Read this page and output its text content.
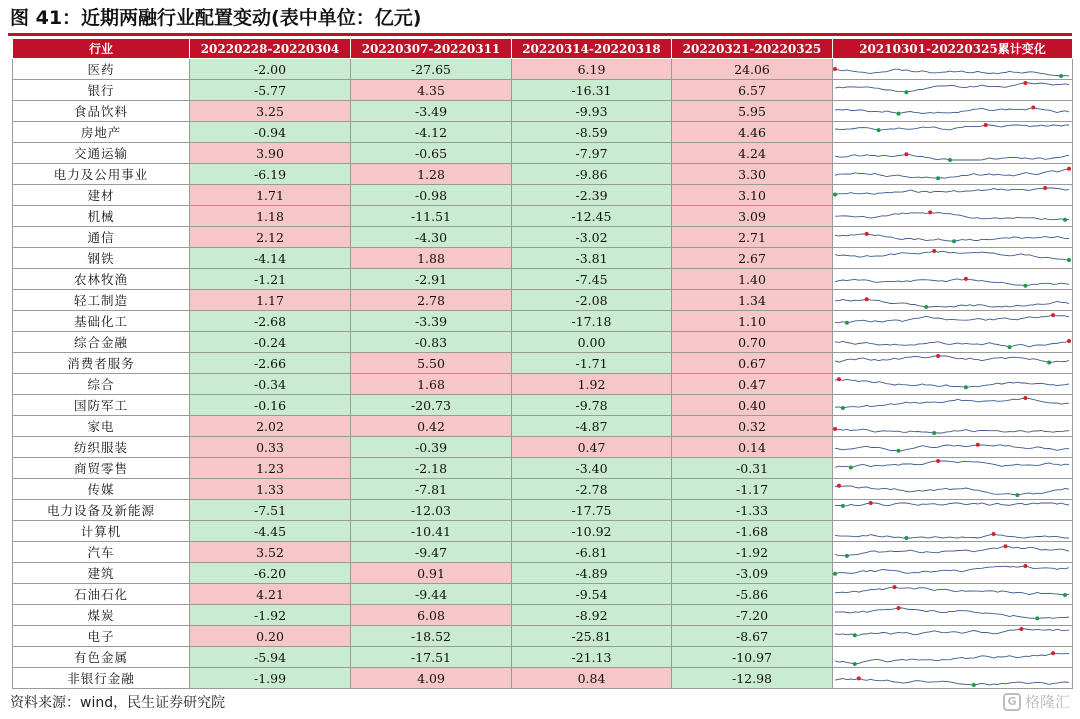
图 41：近期两融行业配置变动(表中单位：亿元)
行业	20220228-20220304	20220307-20220311	20220314-20220318	20220321-20220325	20210301-20220325累计变化
医药	-2.00	-27.65	6.19	24.06	

银行	-5.77	4.35	-16.31	6.57	

食品饮料	3.25	-3.49	-9.93	5.95	

房地产	-0.94	-4.12	-8.59	4.46	

交通运输	3.90	-0.65	-7.97	4.24	

电力及公用事业	-6.19	1.28	-9.86	3.30	

建材	1.71	-0.98	-2.39	3.10	

机械	1.18	-11.51	-12.45	3.09	

通信	2.12	-4.30	-3.02	2.71	

钢铁	-4.14	1.88	-3.81	2.67	

农林牧渔	-1.21	-2.91	-7.45	1.40	

轻工制造	1.17	2.78	-2.08	1.34	

基础化工	-2.68	-3.39	-17.18	1.10	

综合金融	-0.24	-0.83	0.00	0.70	

消费者服务	-2.66	5.50	-1.71	0.67	

综合	-0.34	1.68	1.92	0.47	

国防军工	-0.16	-20.73	-9.78	0.40	

家电	2.02	0.42	-4.87	0.32	

纺织服装	0.33	-0.39	0.47	0.14	

商贸零售	1.23	-2.18	-3.40	-0.31	

传媒	1.33	-7.81	-2.78	-1.17	

电力设备及新能源	-7.51	-12.03	-17.75	-1.33	

计算机	-4.45	-10.41	-10.92	-1.68	

汽车	3.52	-9.47	-6.81	-1.92	

建筑	-6.20	0.91	-4.89	-3.09	

石油石化	4.21	-9.44	-9.54	-5.86	

煤炭	-1.92	6.08	-8.92	-7.20	

电子	0.20	-18.52	-25.81	-8.67	

有色金属	-5.94	-17.51	-21.13	-10.97	

非银行金融	-1.99	4.09	0.84	-12.98	
资料来源：wind，民生证券研究院	G 格隆汇
